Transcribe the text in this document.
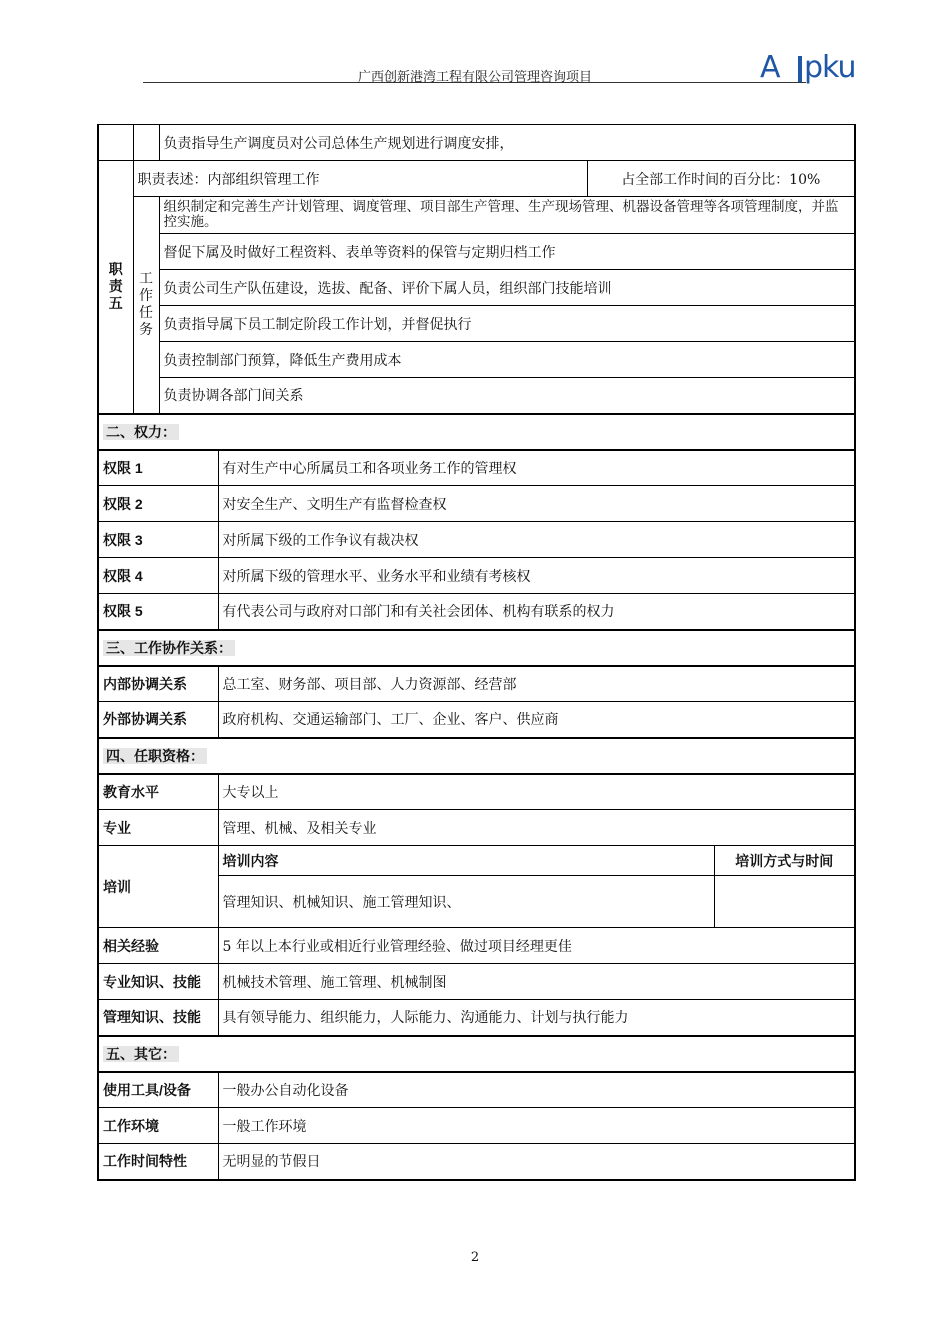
广西创新港湾工程有限公司管理咨询项目	A pku
		负责指导生产调度员对公司总体生产规划进行调度安排，			

职
责
五	职责表述：内部组织管理工作			占全部工作时间的百分比：10%	

	工
作
任
务	组织制定和完善生产计划管理、调度管理、项目部生产管理、生产现场管理、机器设备管理等各项管理制度，并监控实施。			
		督促下属及时做好工程资料、表单等资料的保管与定期归档工作			
		负责公司生产队伍建设，选拔、配备、评价下属人员，组织部门技能培训			
		负责指导属下员工制定阶段工作计划，并督促执行			
		负责控制部门预算，降低生产费用成本			
		负责协调各部门间关系			
二、权力：					
权限 1			有对生产中心所属员工和各项业务工作的管理权		
权限 2			对安全生产、文明生产有监督检查权		
权限 3			对所属下级的工作争议有裁决权		
权限 4			对所属下级的管理水平、业务水平和业绩有考核权		
权限 5			有代表公司与政府对口部门和有关社会团体、机构有联系的权力		
三、工作协作关系：					
内部协调关系			总工室、财务部、项目部、人力资源部、经营部		
外部协调关系			政府机构、交通运输部门、工厂、企业、客户、供应商		
四、任职资格：					
教育水平			大专以上		
专业			管理、机械、及相关专业		
培训			培训内容		培训方式与时间
			管理知识、机械知识、施工管理知识、		
相关经验			5 年以上本行业或相近行业管理经验、做过项目经理更佳		
专业知识、技能			机械技术管理、施工管理、机械制图		
管理知识、技能			具有领导能力、组织能力，人际能力、沟通能力、计划与执行能力		
五、其它：					
使用工具/设备			一般办公自动化设备		
工作环境			一般工作环境		
工作时间特性			无明显的节假日		
2
